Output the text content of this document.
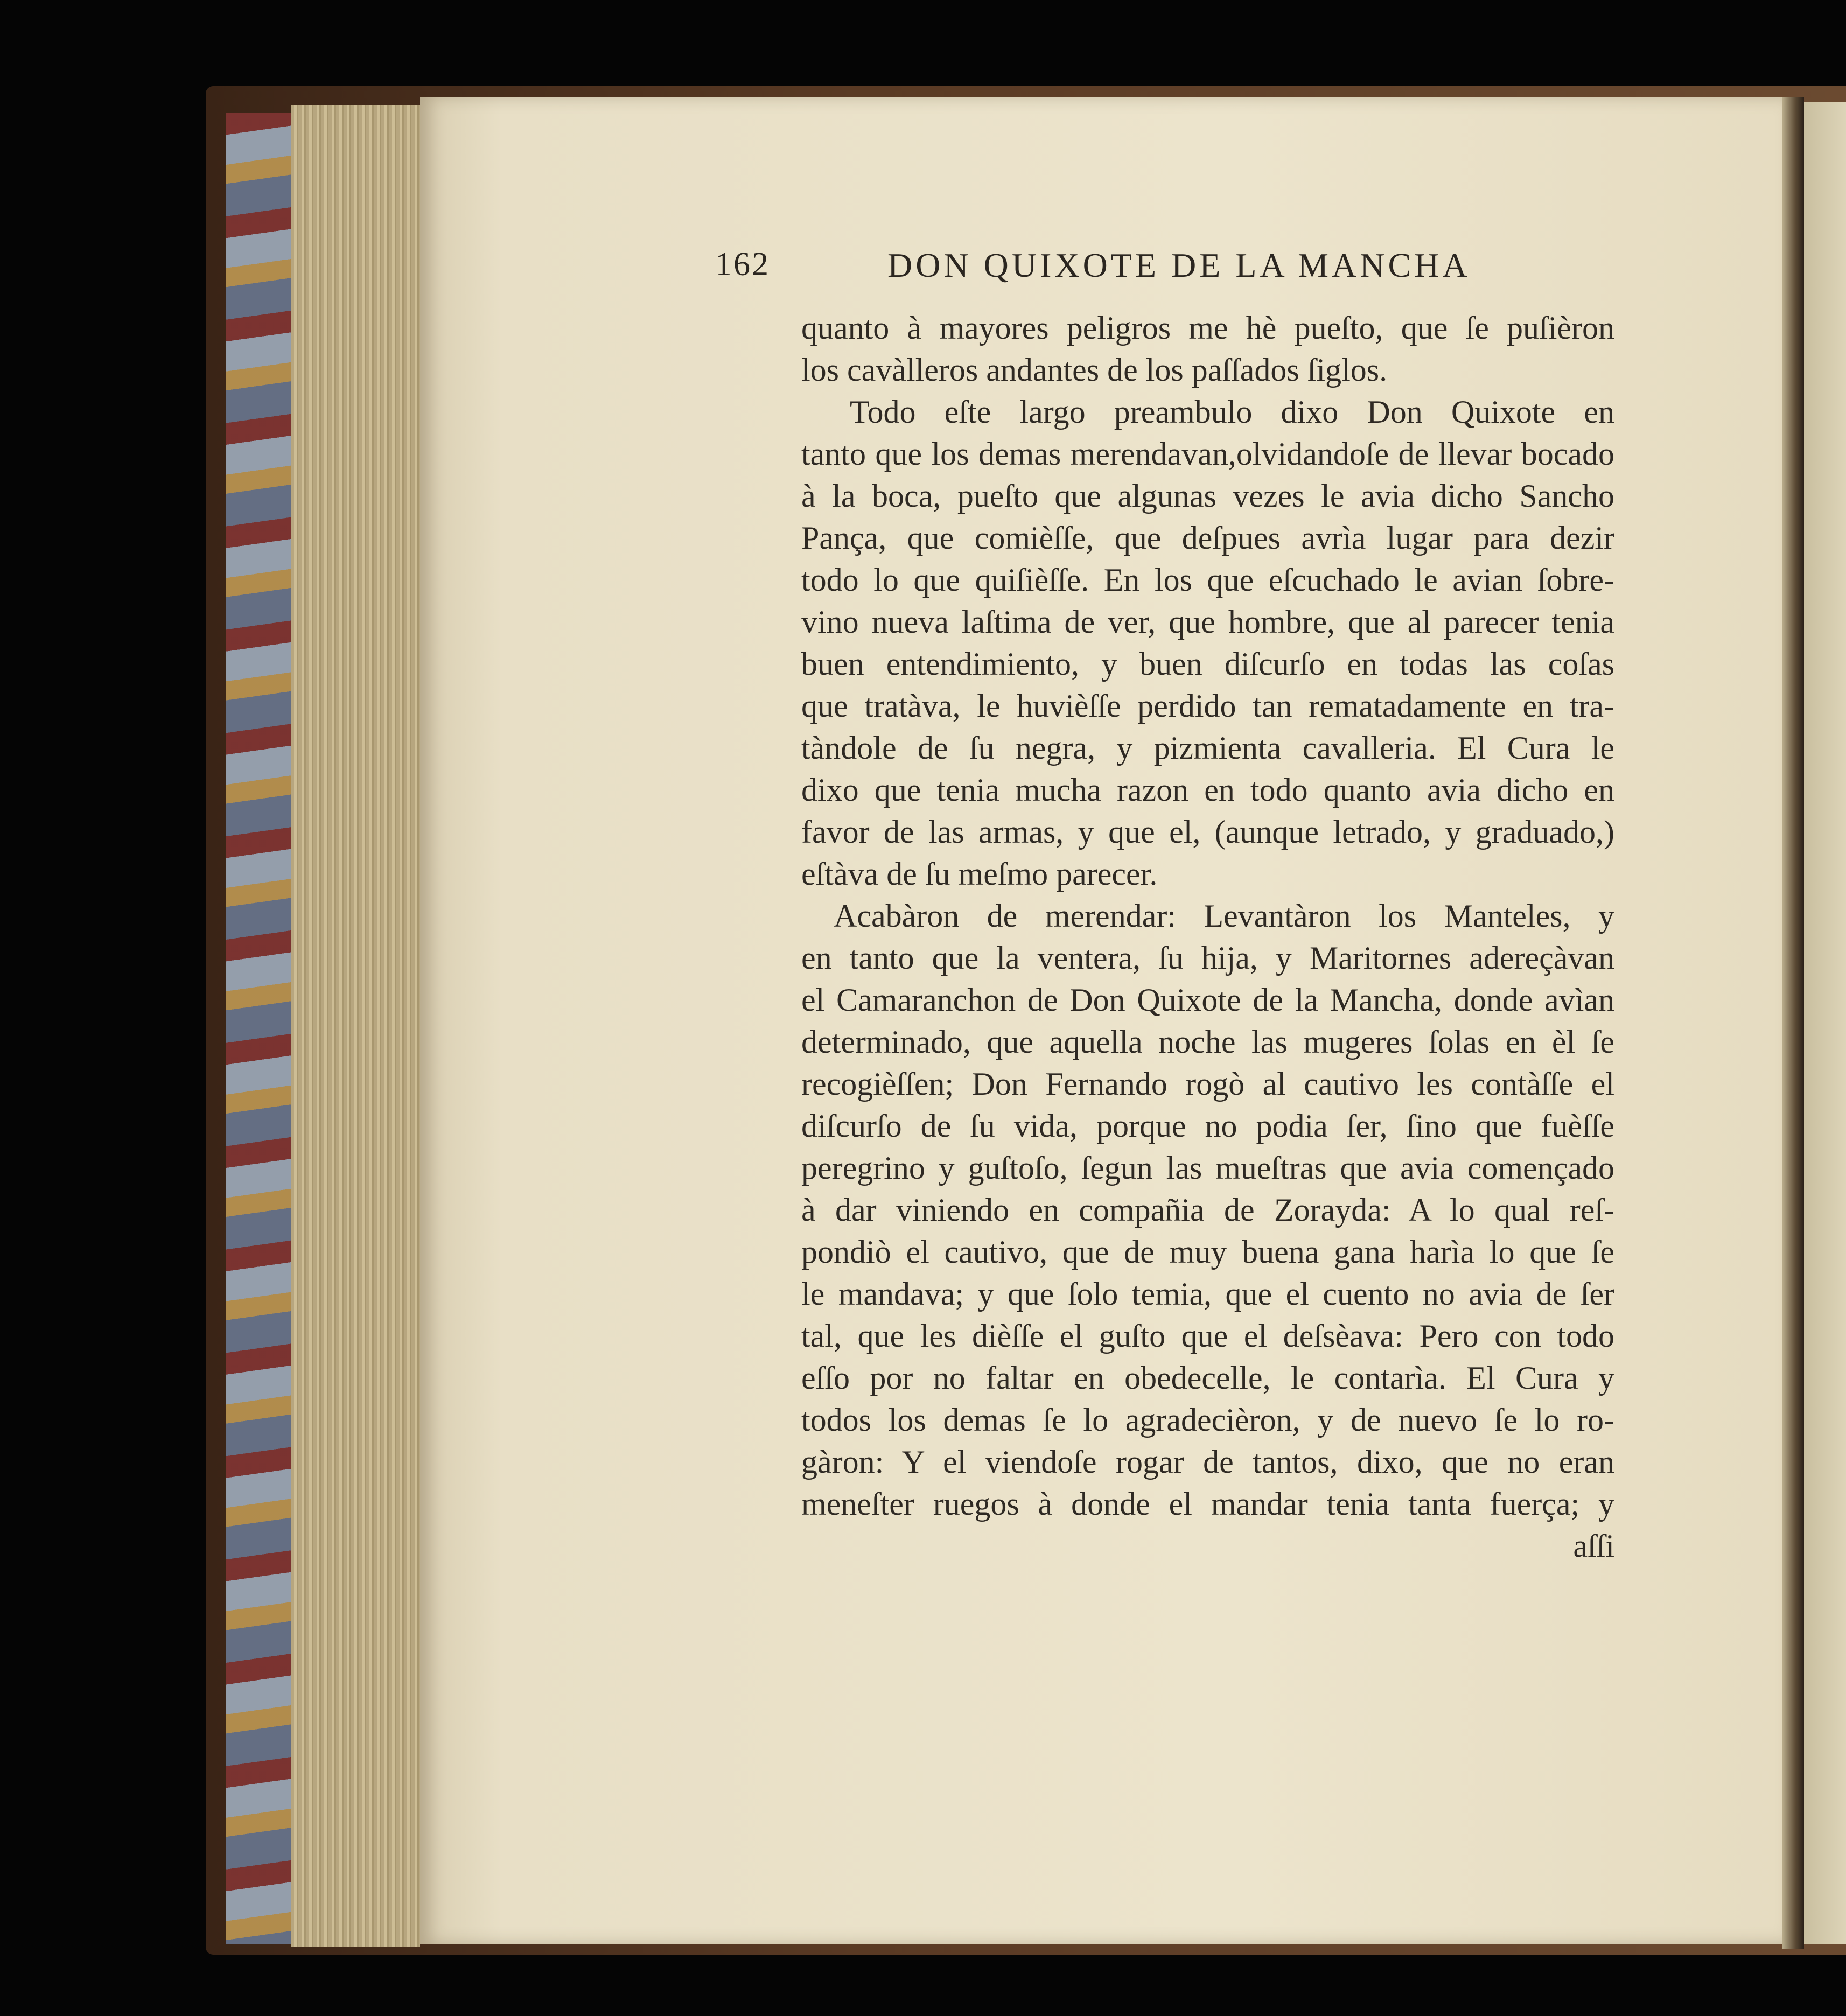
162	DON QUIXOTE DE LA MANCHA
quanto à mayores peligros me hè pueſto, que ſe puſièron
los cavàlleros andantes de los paſſados ſiglos.
Todo eſte largo preambulo dixo Don Quixote en
tanto que los demas merendavan,olvidandoſe de llevar bocado
à la boca, pueſto que algunas vezes le avia dicho Sancho
Pança, que comièſſe, que deſpues avrìa lugar para dezir
todo lo que quiſièſſe. En los que eſcuchado le avian ſobre-
vino nueva laſtima de ver, que hombre, que al parecer tenia
buen entendimiento, y buen diſcurſo en todas las coſas
que tratàva, le huvièſſe perdido tan rematadamente en tra-
tàndole de ſu negra, y pizmienta cavalleria. El Cura le
dixo que tenia mucha razon en todo quanto avia dicho en
favor de las armas, y que el, (aunque letrado, y graduado,)
eſtàva de ſu meſmo parecer.
Acabàron de merendar: Levantàron los Manteles, y
en tanto que la ventera, ſu hija, y Maritornes adereçàvan
el Camaranchon de Don Quixote de la Mancha, donde avìan
determinado, que aquella noche las mugeres ſolas en èl ſe
recogièſſen; Don Fernando rogò al cautivo les contàſſe el
diſcurſo de ſu vida, porque no podia ſer, ſino que fuèſſe
peregrino y guſtoſo, ſegun las mueſtras que avia començado
à dar viniendo en compañia de Zorayda: A lo qual reſ-
pondiò el cautivo, que de muy buena gana harìa lo que ſe
le mandava; y que ſolo temia, que el cuento no avia de ſer
tal, que les dièſſe el guſto que el deſsèava: Pero con todo
eſſo por no faltar en obedecelle, le contarìa. El Cura y
todos los demas ſe lo agradecièron, y de nuevo ſe lo ro-
gàron: Y el viendoſe rogar de tantos, dixo, que no eran
meneſter ruegos à donde el mandar tenia tanta fuerça; y
aſſi
